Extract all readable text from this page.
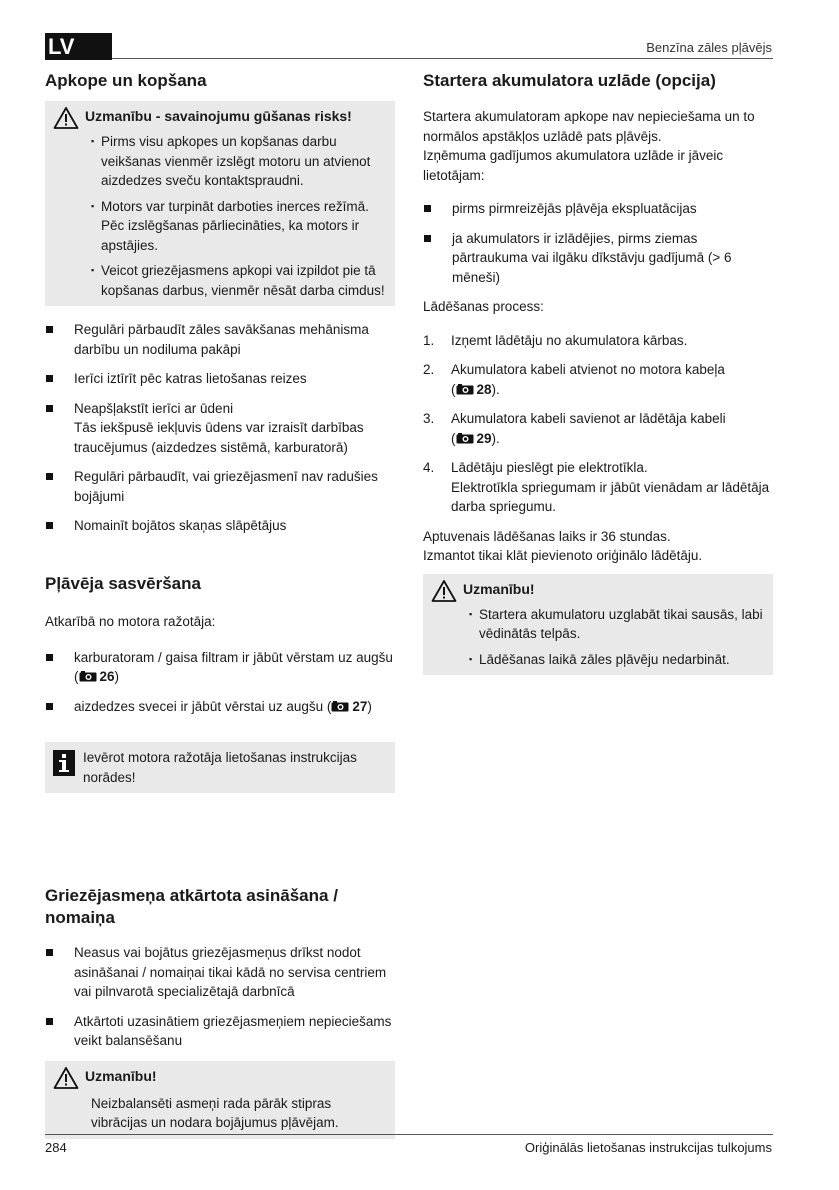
LV	Benzīna zāles pļāvējs
Apkope un kopšana
Uzmanību - savainojumu gūšanas risks!
▪ Pirms visu apkopes un kopšanas darbu veikšanas vienmēr izslēgt motoru un atvienot aizdedzes sveču kontaktspraudni.
▪ Motors var turpināt darboties inerces režīmā. Pēc izslēgšanas pārliecināties, ka motors ir apstājies.
▪ Veicot griezējasmens apkopi vai izpildot pie tā kopšanas darbus, vienmēr nēsāt darba cimdus!
Regulāri pārbaudīt zāles savākšanas mehānisma darbību un nodiluma pakāpi
Ierīci iztīrīt pēc katras lietošanas reizes
Neapšļakstīt ierīci ar ūdeni
Tās iekšpusē iekļuvis ūdens var izraisīt darbības traucējumus (aizdedzes sistēmā, karburatorā)
Regulāri pārbaudīt, vai griezējasmenī nav radušies bojājumi
Nomainīt bojātos skaņas slāpētājus
Pļāvēja sasvēršana

Atkarībā no motora ražotāja:

karburatoram / gaisa filtram ir jābūt vērstam uz augšu ( 26)
aizdedzes svecei ir jābūt vērstai uz augšu ( 27)

Ievērot motora ražotāja lietošanas instrukcijas norādes!

Griezējasmeņa atkārtota asināšana / nomaiņa
Neasus vai bojātus griezējasmeņus drīkst nodot asināšanai / nomaiņai tikai kādā no servisa centriem vai pilnvarotā specializētajā darbnīcā
Atkārtoti uzasinātiem griezējasmeņiem nepieciešams veikt balansēšanu
Uzmanību!

Neizbalansēti asmeņi rada pārāk stipras vibrācijas un nodara bojājumus pļāvējam.

Startera akumulatora uzlāde (opcija)

Startera akumulatoram apkope nav nepieciešama un to normālos apstākļos uzlādē pats pļāvējs.

Izņēmuma gadījumos akumulatora uzlāde ir jāveic lietotājam:

pirms pirmreizējās pļāvēja ekspluatācijas
ja akumulators ir izlādējies, pirms ziemas pārtraukuma vai ilgāku dīkstāvju gadījumā (> 6 mēneši)

Lādēšanas process:

1. Izņemt lādētāju no akumulatora kārbas.
2. Akumulatora kabeli atvienot no motora kabeļa
( 28).
3. Akumulatora kabeli savienot ar lādētāja kabeli
( 29).
4. Lādētāju pieslēgt pie elektrotīkla.
Elektrotīkla spriegumam ir jābūt vienādam ar lādētāja darba spriegumu.

Aptuvenais lādēšanas laiks ir 36 stundas.

Izmantot tikai klāt pievienoto oriģinālo lādētāju.

Uzmanību!
▪ Startera akumulatoru uzglabāt tikai sausās, labi vēdinātās telpās.
▪ Lādēšanas laikā zāles pļāvēju nedarbināt.
284	Oriģinālās lietošanas instrukcijas tulkojums
